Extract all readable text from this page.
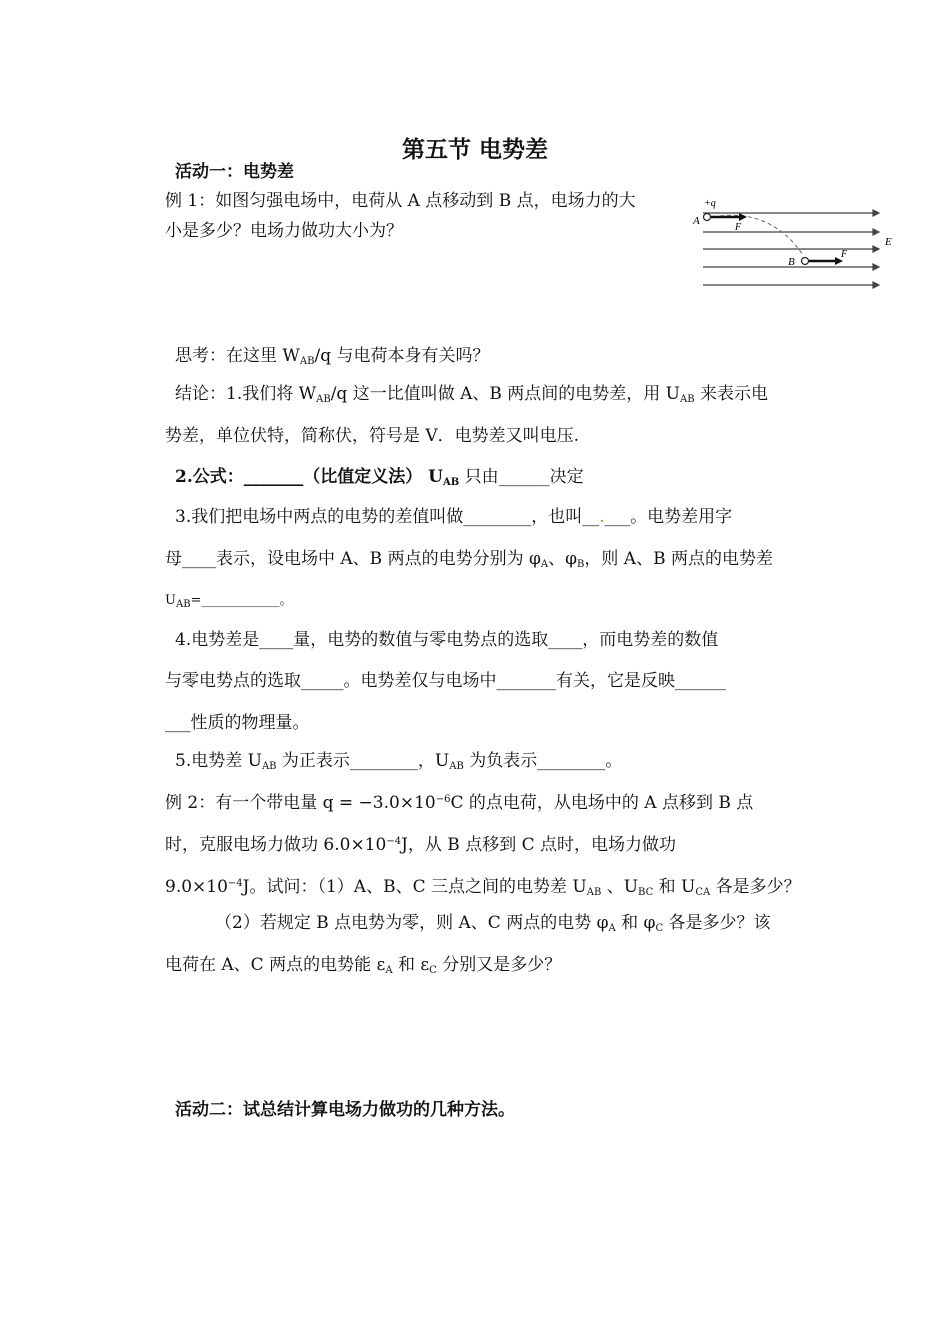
第五节 电势差
活动一：电势差
例 1：如图匀强电场中，电荷从 A 点移动到 B 点，电场力的大
小是多少？电场力做功大小为？
+q
A
F
B
F
E
思考：在这里 $W_{AB}/q$ 与电荷本身有关吗？
结论：1.我们将 $W_{AB}/q$ 这一比值叫做 A、B 两点间的电势差，用 $U_{AB}$ 来表示电
势差，单位伏特，简称伏，符号是 V．电势差又叫电压.
2.公式：_______（比值定义法） $U_{AB}$ 只由______决定
3.我们把电场中两点的电势的差值叫做________，也叫__.___。电势差用字
母____表示，设电场中 A、B 两点的电势分别为 $\varphi_A$、$\varphi_B$，则 A、B 两点的电势差
$U_{AB}=\_\_\_\_\_\_\_\_\_\_\_\_$。
4.电势差是____量，电势的数值与零电势点的选取____，而电势差的数值
与零电势点的选取_____。电势差仅与电场中_______有关，它是反映______
___性质的物理量。
5.电势差 $U_{AB}$ 为正表示________，$U_{AB}$ 为负表示________。
例 2：有一个带电量 $q = -3.0\times 10^{-6}C$ 的点电荷，从电场中的 A 点移到 B 点
时，克服电场力做功 $6.0\times 10^{-4}J$，从 B 点移到 C 点时，电场力做功
$9.0\times 10^{-4}J$。试问：（1）A、B、C 三点之间的电势差 $U_{AB}$ 、$U_{BC}$ 和 $U_{CA}$ 各是多少？
（2）若规定 B 点电势为零，则 A、C 两点的电势 $\varphi_A$ 和 $\varphi_C$ 各是多少？该
电荷在 A、C 两点的电势能 $\varepsilon_A$ 和 $\varepsilon_C$ 分别又是多少？
活动二：试总结计算电场力做功的几种方法。
